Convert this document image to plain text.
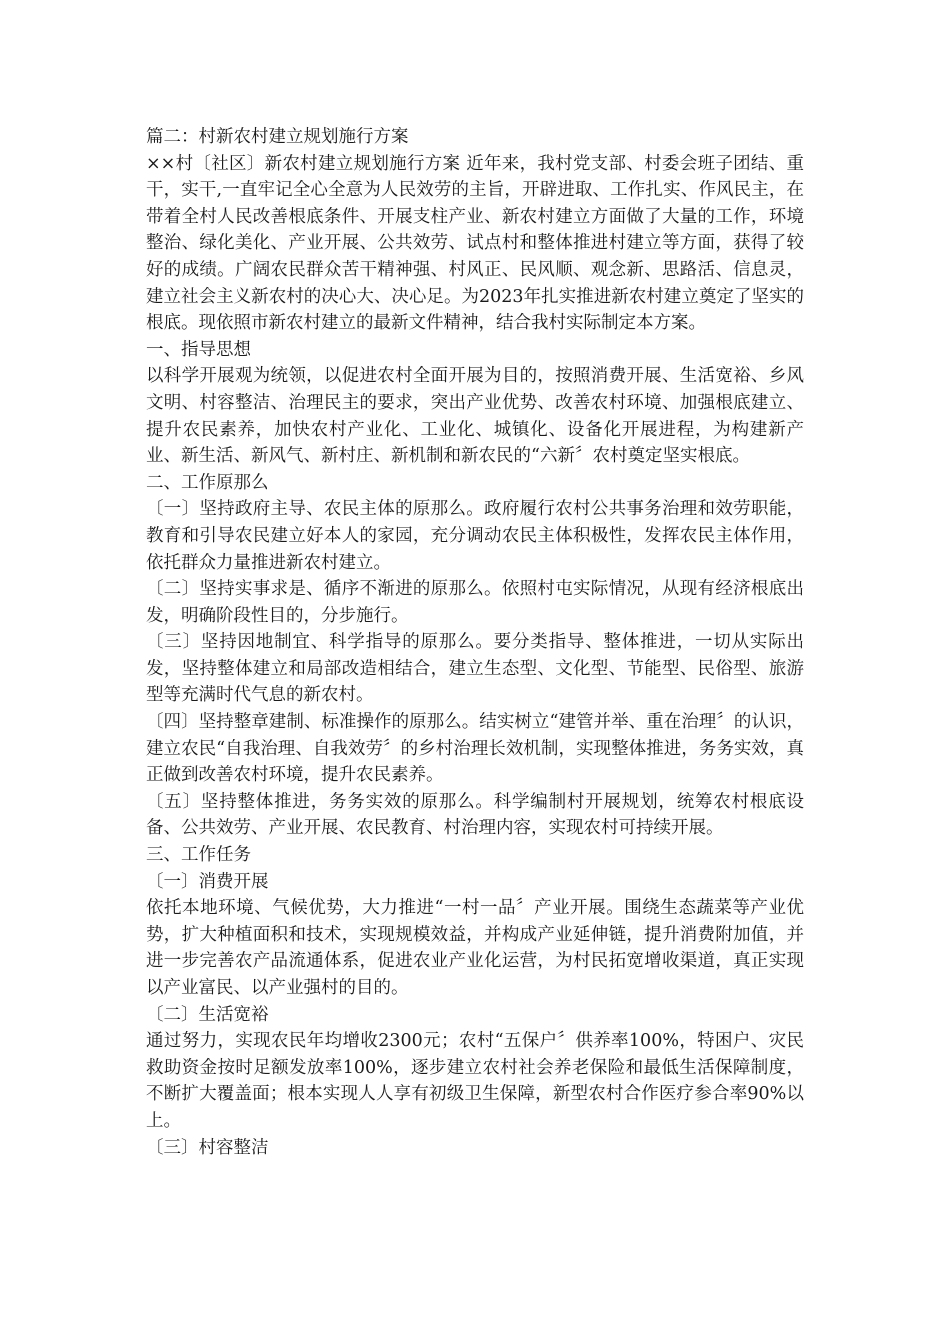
篇二：村新农村建立规划施行方案

××村〔社区〕新农村建立规划施行方案 近年来，我村党支部、村委会班子团结、重干，实干,一直牢记全心全意为人民效劳的主旨，开辟进取、工作扎实、作风民主，在带着全村人民改善根底条件、开展支柱产业、新农村建立方面做了大量的工作，环境整治、绿化美化、产业开展、公共效劳、试点村和整体推进村建立等方面，获得了较好的成绩。广阔农民群众苦干精神强、村风正、民风顺、观念新、思路活、信息灵，建立社会主义新农村的决心大、决心足。为2023年扎实推进新农村建立奠定了坚实的根底。现依照市新农村建立的最新文件精神，结合我村实际制定本方案。

一、指导思想

以科学开展观为统领，以促进农村全面开展为目的，按照消费开展、生活宽裕、乡风文明、村容整洁、治理民主的要求，突出产业优势、改善农村环境、加强根底建立、提升农民素养，加快农村产业化、工业化、城镇化、设备化开展进程，为构建新产业、新生活、新风气、新村庄、新机制和新农民的“六新〞农村奠定坚实根底。

二、工作原那么

〔一〕坚持政府主导、农民主体的原那么。政府履行农村公共事务治理和效劳职能，教育和引导农民建立好本人的家园，充分调动农民主体积极性，发挥农民主体作用，依托群众力量推进新农村建立。

〔二〕坚持实事求是、循序不渐进的原那么。依照村屯实际情况，从现有经济根底出发，明确阶段性目的，分步施行。

〔三〕坚持因地制宜、科学指导的原那么。要分类指导、整体推进，一切从实际出发，坚持整体建立和局部改造相结合，建立生态型、文化型、节能型、民俗型、旅游型等充满时代气息的新农村。

〔四〕坚持整章建制、标准操作的原那么。结实树立“建管并举、重在治理〞的认识，建立农民“自我治理、自我效劳〞的乡村治理长效机制，实现整体推进，务务实效，真正做到改善农村环境，提升农民素养。

〔五〕坚持整体推进，务务实效的原那么。科学编制村开展规划，统筹农村根底设备、公共效劳、产业开展、农民教育、村治理内容，实现农村可持续开展。

三、工作任务

〔一〕消费开展

依托本地环境、气候优势，大力推进“一村一品〞产业开展。围绕生态蔬菜等产业优势，扩大种植面积和技术，实现规模效益，并构成产业延伸链，提升消费附加值，并进一步完善农产品流通体系，促进农业产业化运营，为村民拓宽增收渠道，真正实现以产业富民、以产业强村的目的。

〔二〕生活宽裕

通过努力，实现农民年均增收2300元；农村“五保户〞供养率100%，特困户、灾民救助资金按时足额发放率100%，逐步建立农村社会养老保险和最低生活保障制度，不断扩大覆盖面；根本实现人人享有初级卫生保障，新型农村合作医疗参合率90%以上。

〔三〕村容整洁
